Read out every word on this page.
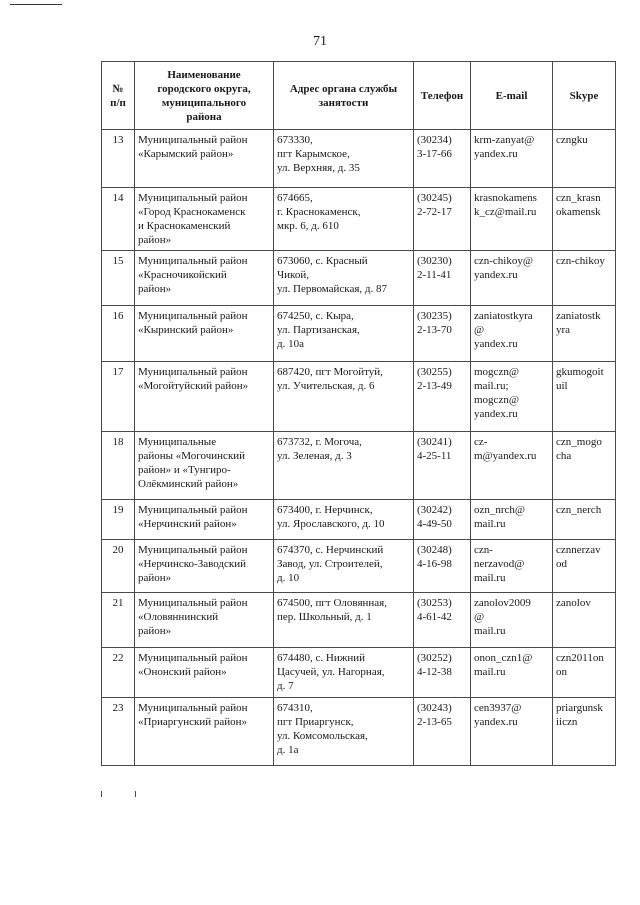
71
№
п/п	Наименование
городского округа,
муниципального
района	Адрес органа службы
занятости	Телефон	E-mail	Skype
13	Муниципальный район
«Карымский район»	673330,
пгт Карымское,
ул. Верхняя, д. 35	(30234)
3-17-66	krm-zanyat@
yandex.ru	czngku
14	Муниципальный район
«Город Краснокаменск
и Краснокаменский
район»	674665,
г. Краснокаменск,
мкр. 6, д. 610	(30245)
2-72-17	krasnokamens
k_cz@mail.ru	czn_krasn
okamensk
15	Муниципальный район
«Красночикойский
район»	673060, с. Красный
Чикой,
ул. Первомайская, д. 87	(30230)
2-11-41	czn-chikoy@
yandex.ru	czn-chikoy
16	Муниципальный район
«Кыринский район»	674250, с. Кыра,
ул. Партизанская,
д. 10а	(30235)
2-13-70	zaniatostkyra
@
yandex.ru	zaniatostk
yra
17	Муниципальный район
«Могойтуйский район»	687420, пгт Могойтуй,
ул. Учительская, д. 6	(30255)
2-13-49	mogczn@
mail.ru;
mogczn@
yandex.ru	gkumogoit
uil
18	Муниципальные
районы «Могочинский
район» и «Тунгиро-
Олёкминский район»	673732, г. Могоча,
ул. Зеленая, д. 3	(30241)
4-25-11	cz-
m@yandex.ru	czn_mogo
cha
19	Муниципальный район
«Нерчинский район»	673400, г. Нерчинск,
ул. Ярославского, д. 10	(30242)
4-49-50	ozn_nrch@
mail.ru	czn_nerch
20	Муниципальный район
«Нерчинско-Заводский
район»	674370, с. Нерчинский
Завод, ул. Строителей,
д. 10	(30248)
4-16-98	czn-
nerzavod@
mail.ru	cznnerzav
od
21	Муниципальный район
«Оловяннинский
район»	674500, пгт Оловянная,
пер. Школьный, д. 1	(30253)
4-61-42	zanolov2009
@
mail.ru	zanolov
22	Муниципальный район
«Ононский район»	674480, с. Нижний
Цасучей, ул. Нагорная,
д. 7	(30252)
4-12-38	onon_czn1@
mail.ru	czn2011on
on
23	Муниципальный район
«Приаргунский район»	674310,
пгт Приаргунск,
ул. Комсомольская,
д. 1а	(30243)
2-13-65	cen3937@
yandex.ru	priargunsk
iiczn
